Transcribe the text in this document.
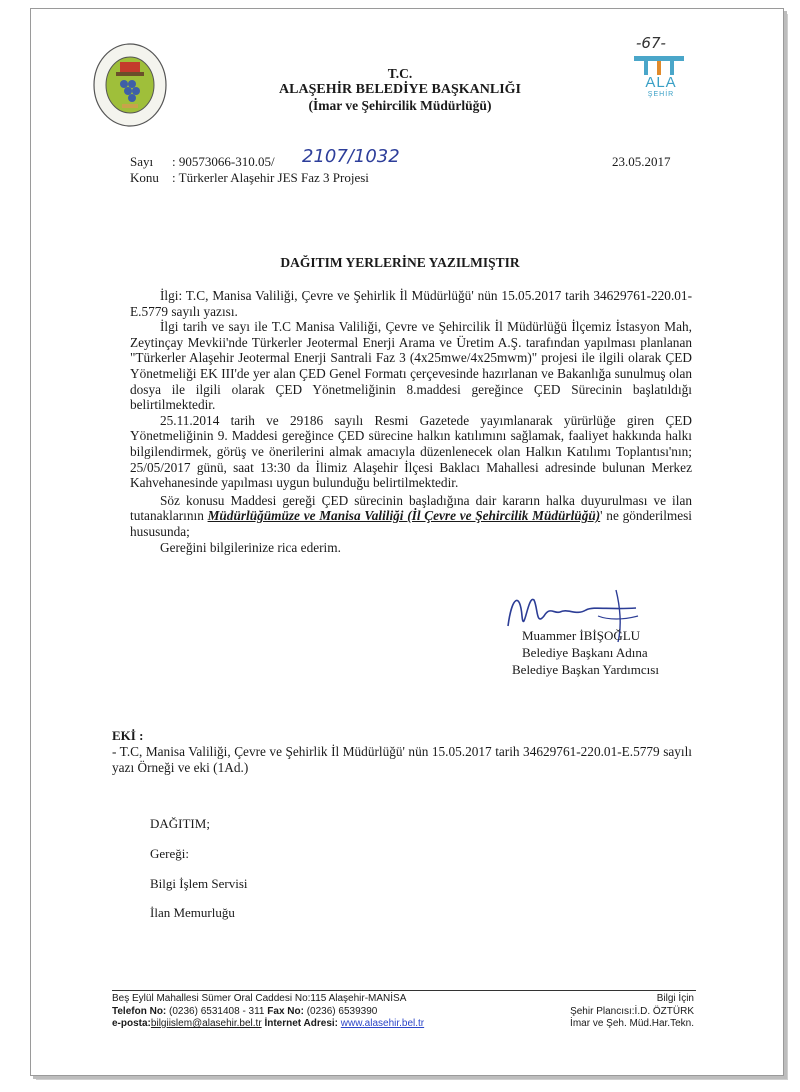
T.C.
ALAŞEHİR BELEDİYE BAŞKANLIĞI
(İmar ve Şehircilik Müdürlüğü)
-67-
ALA
ŞEHİR
Sayı : 90573066-310.05/ 2107/1032
Konu : Türkerler Alaşehir JES Faz 3 Projesi
23.05.2017
DAĞITIM YERLERİNE YAZILMIŞTIR
İlgi: T.C, Manisa Valiliği, Çevre ve Şehirlik İl Müdürlüğü' nün 15.05.2017 tarih 34629761-220.01-E.5779 sayılı yazısı.
İlgi tarih ve sayı ile T.C Manisa Valiliği, Çevre ve Şehircilik İl Müdürlüğü İlçemiz İstasyon Mah, Zeytinçay Mevkii'nde Türkerler Jeotermal Enerji Arama ve Üretim A.Ş. tarafından yapılması planlanan "Türkerler Alaşehir Jeotermal Enerji Santrali Faz 3 (4x25mwe/4x25mwm)" projesi ile ilgili olarak ÇED Yönetmeliği EK III'de yer alan ÇED Genel Formatı çerçevesinde hazırlanan ve Bakanlığa sunulmuş olan dosya ile ilgili olarak ÇED Yönetmeliğinin 8.maddesi gereğince ÇED Sürecinin başlatıldığı belirtilmektedir.
25.11.2014 tarih ve 29186 sayılı Resmi Gazetede yayımlanarak yürürlüğe giren ÇED Yönetmeliğinin 9. Maddesi gereğince ÇED sürecine halkın katılımını sağlamak, faaliyet hakkında halkı bilgilendirmek, görüş ve önerilerini almak amacıyla düzenlenecek olan Halkın Katılımı Toplantısı'nın; 25/05/2017 günü, saat 13:30 da İlimiz Alaşehir İlçesi Baklacı Mahallesi adresinde bulunan Merkez Kahvehanesinde yapılması uygun bulunduğu belirtilmektedir.
Söz konusu Maddesi gereği ÇED sürecinin başladığına dair kararın halka duyurulması ve ilan tutanaklarının Müdürlüğümüze ve Manisa Valiliği (İl Çevre ve Şehircilik Müdürlüğü)' ne gönderilmesi hususunda;
Gereğini bilgilerinize rica ederim.
Muammer İBİŞOĞLU
Belediye Başkanı Adına
Belediye Başkan Yardımcısı
EKİ :
- T.C, Manisa Valiliği, Çevre ve Şehirlik İl Müdürlüğü' nün 15.05.2017 tarih 34629761-220.01-E.5779 sayılı yazı Örneği ve eki (1Ad.)
DAĞITIM;
Gereği:
Bilgi İşlem Servisi
İlan Memurluğu
Beş Eylül Mahallesi Sümer Oral Caddesi No:115 Alaşehir-MANİSA
Telefon No: (0236) 6531408 - 311 Fax No: (0236) 6539390
e-posta:bilgiislem@alasehir.bel.tr İnternet Adresi: www.alasehir.bel.tr
Bilgi İçin
Şehir Plancısı:İ.D. ÖZTÜRK
İmar ve Şeh. Müd.Har.Tekn.
